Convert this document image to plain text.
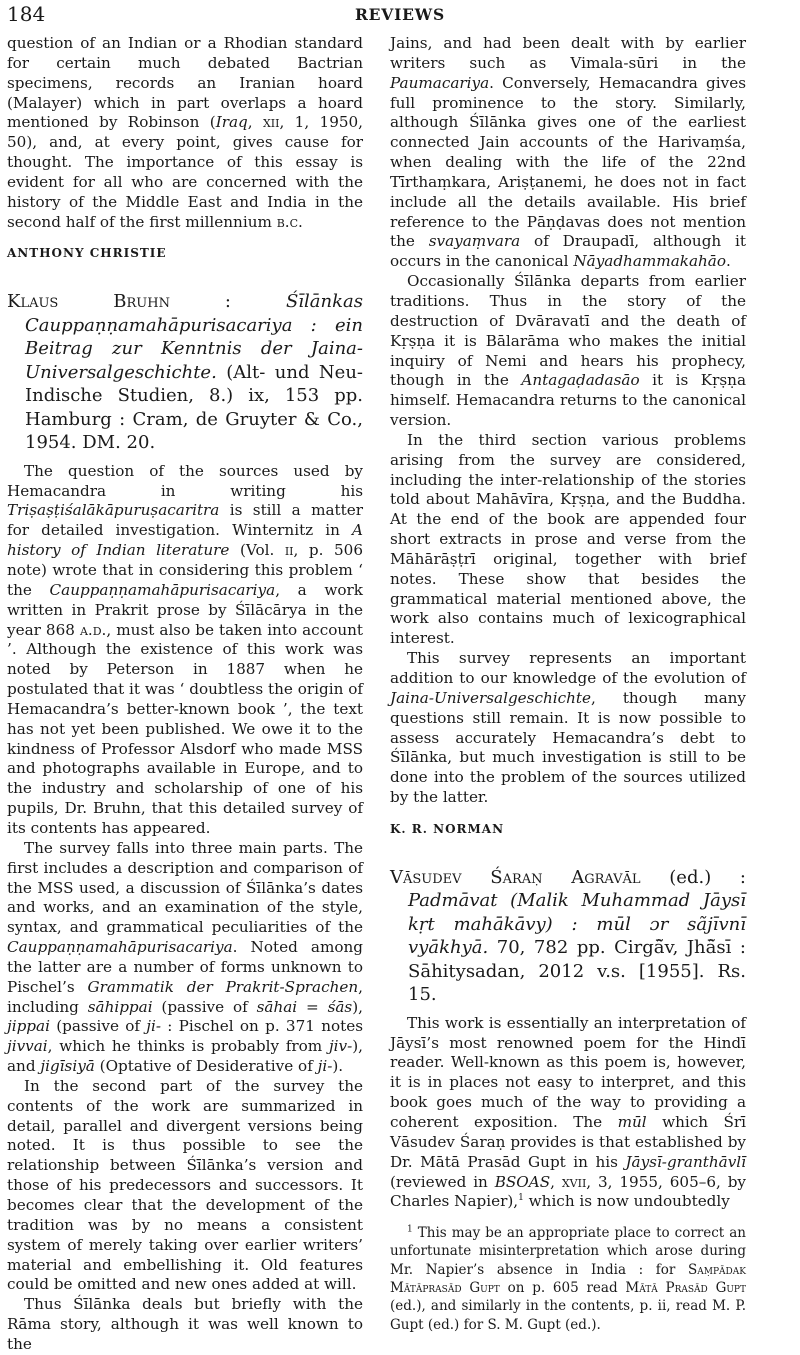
184	REVIEWS

question of an Indian or a Rhodian standard for certain much debated Bactrian specimens, records an Iranian hoard (Malayer) which in part overlaps a hoard mentioned by Robinson (Iraq, xii, 1, 1950, 50), and, at every point, gives cause for thought. The importance of this essay is evident for all who are concerned with the history of the Middle East and India in the second half of the first millennium b.c.

ANTHONY CHRISTIE

Klaus Bruhn : Śīlānkas Cauppaṇṇamahāpurisacariya : ein Beitrag zur Kenntnis der Jaina-Universalgeschichte. (Alt- und Neu-Indische Studien, 8.) ix, 153 pp. Hamburg : Cram, de Gruyter & Co., 1954. DM. 20.

The question of the sources used by Hemacandra in writing his Triṣaṣṭiśalākāpuruṣacaritra is still a matter for detailed investigation. Winternitz in A history of Indian literature (Vol. ii, p. 506 note) wrote that in considering this problem ‘ the Cauppaṇṇamahāpurisacariya, a work written in Prakrit prose by Śīlācārya in the year 868 a.d., must also be taken into account ’. Although the existence of this work was noted by Peterson in 1887 when he postulated that it was ‘ doubtless the origin of Hemacandra’s better-known book ’, the text has not yet been published. We owe it to the kindness of Professor Alsdorf who made MSS and photographs available in Europe, and to the industry and scholarship of one of his pupils, Dr. Bruhn, that this detailed survey of its contents has appeared.

The survey falls into three main parts. The first includes a description and comparison of the MSS used, a discussion of Śīlānka’s dates and works, and an examination of the style, syntax, and grammatical peculiarities of the Cauppaṇṇamahāpurisacariya. Noted among the latter are a number of forms unknown to Pischel’s Grammatik der Prakrit-Sprachen, including sāhippai (passive of sāhai = śās), jippai (passive of ji- : Pischel on p. 371 notes jivvai, which he thinks is probably from jiv-), and jigīsiyā (Optative of Desiderative of ji-).

In the second part of the survey the contents of the work are summarized in detail, parallel and divergent versions being noted. It is thus possible to see the relationship between Śīlānka’s version and those of his predecessors and successors. It becomes clear that the development of the tradition was by no means a consistent system of merely taking over earlier writers’ material and embellishing it. Old features could be omitted and new ones added at will.

Thus Śīlānka deals but briefly with the Rāma story, although it was well known to the

Jains, and had been dealt with by earlier writers such as Vimala-sūri in the Paumacariya. Conversely, Hemacandra gives full prominence to the story. Similarly, although Śīlānka gives one of the earliest connected Jain accounts of the Harivaṃśa, when dealing with the life of the 22nd Tīrthaṃkara, Ariṣṭanemi, he does not in fact include all the details available. His brief reference to the Pāṇḍavas does not mention the svayaṃvara of Draupadī, although it occurs in the canonical Nāyadhammakahāo.

Occasionally Śīlānka departs from earlier traditions. Thus in the story of the destruction of Dvāravatī and the death of Kṛṣṇa it is Bālarāma who makes the initial inquiry of Nemi and hears his prophecy, though in the Antagaḍadasāo it is Kṛṣṇa himself. Hemacandra returns to the canonical version.

In the third section various problems arising from the survey are considered, including the inter-relationship of the stories told about Mahāvīra, Kṛṣṇa, and the Buddha. At the end of the book are appended four short extracts in prose and verse from the Māhārāṣṭrī original, together with brief notes. These show that besides the grammatical material mentioned above, the work also contains much of lexicographical interest.

This survey represents an important addition to our knowledge of the evolution of Jaina-Universalgeschichte, though many questions still remain. It is now possible to assess accurately Hemacandra’s debt to Śīlānka, but much investigation is still to be done into the problem of the sources utilized by the latter.

K. R. NORMAN

Vāsudev Śaraṇ Agravāl (ed.) : Padmāvat (Malik Muhammad Jāysī kṛt mahākāvy) : mūl ɔr sãjīvnī vyākhyā. 70, 782 pp. Cirgā̃v, Jhā̃sī : Sāhitysadan, 2012 v.s. [1955]. Rs. 15.

This work is essentially an interpretation of Jāysī’s most renowned poem for the Hindī reader. Well-known as this poem is, however, it is in places not easy to interpret, and this book goes much of the way to providing a coherent exposition. The mūl which Śrī Vāsudev Śaraṇ provides is that established by Dr. Mātā Prasād Gupt in his Jāysī-granthāvlī (reviewed in BSOAS, xvii, 3, 1955, 605–6, by Charles Napier),$^1$ which is now undoubtedly

$^1$ This may be an appropriate place to correct an unfortunate misinterpretation which arose during Mr. Napier’s absence in India : for Saṃpādak Mātāprasād Gupt on p. 605 read Mātā Prasād Gupt (ed.), and similarly in the contents, p. ii, read M. P. Gupt (ed.) for S. M. Gupt (ed.).
